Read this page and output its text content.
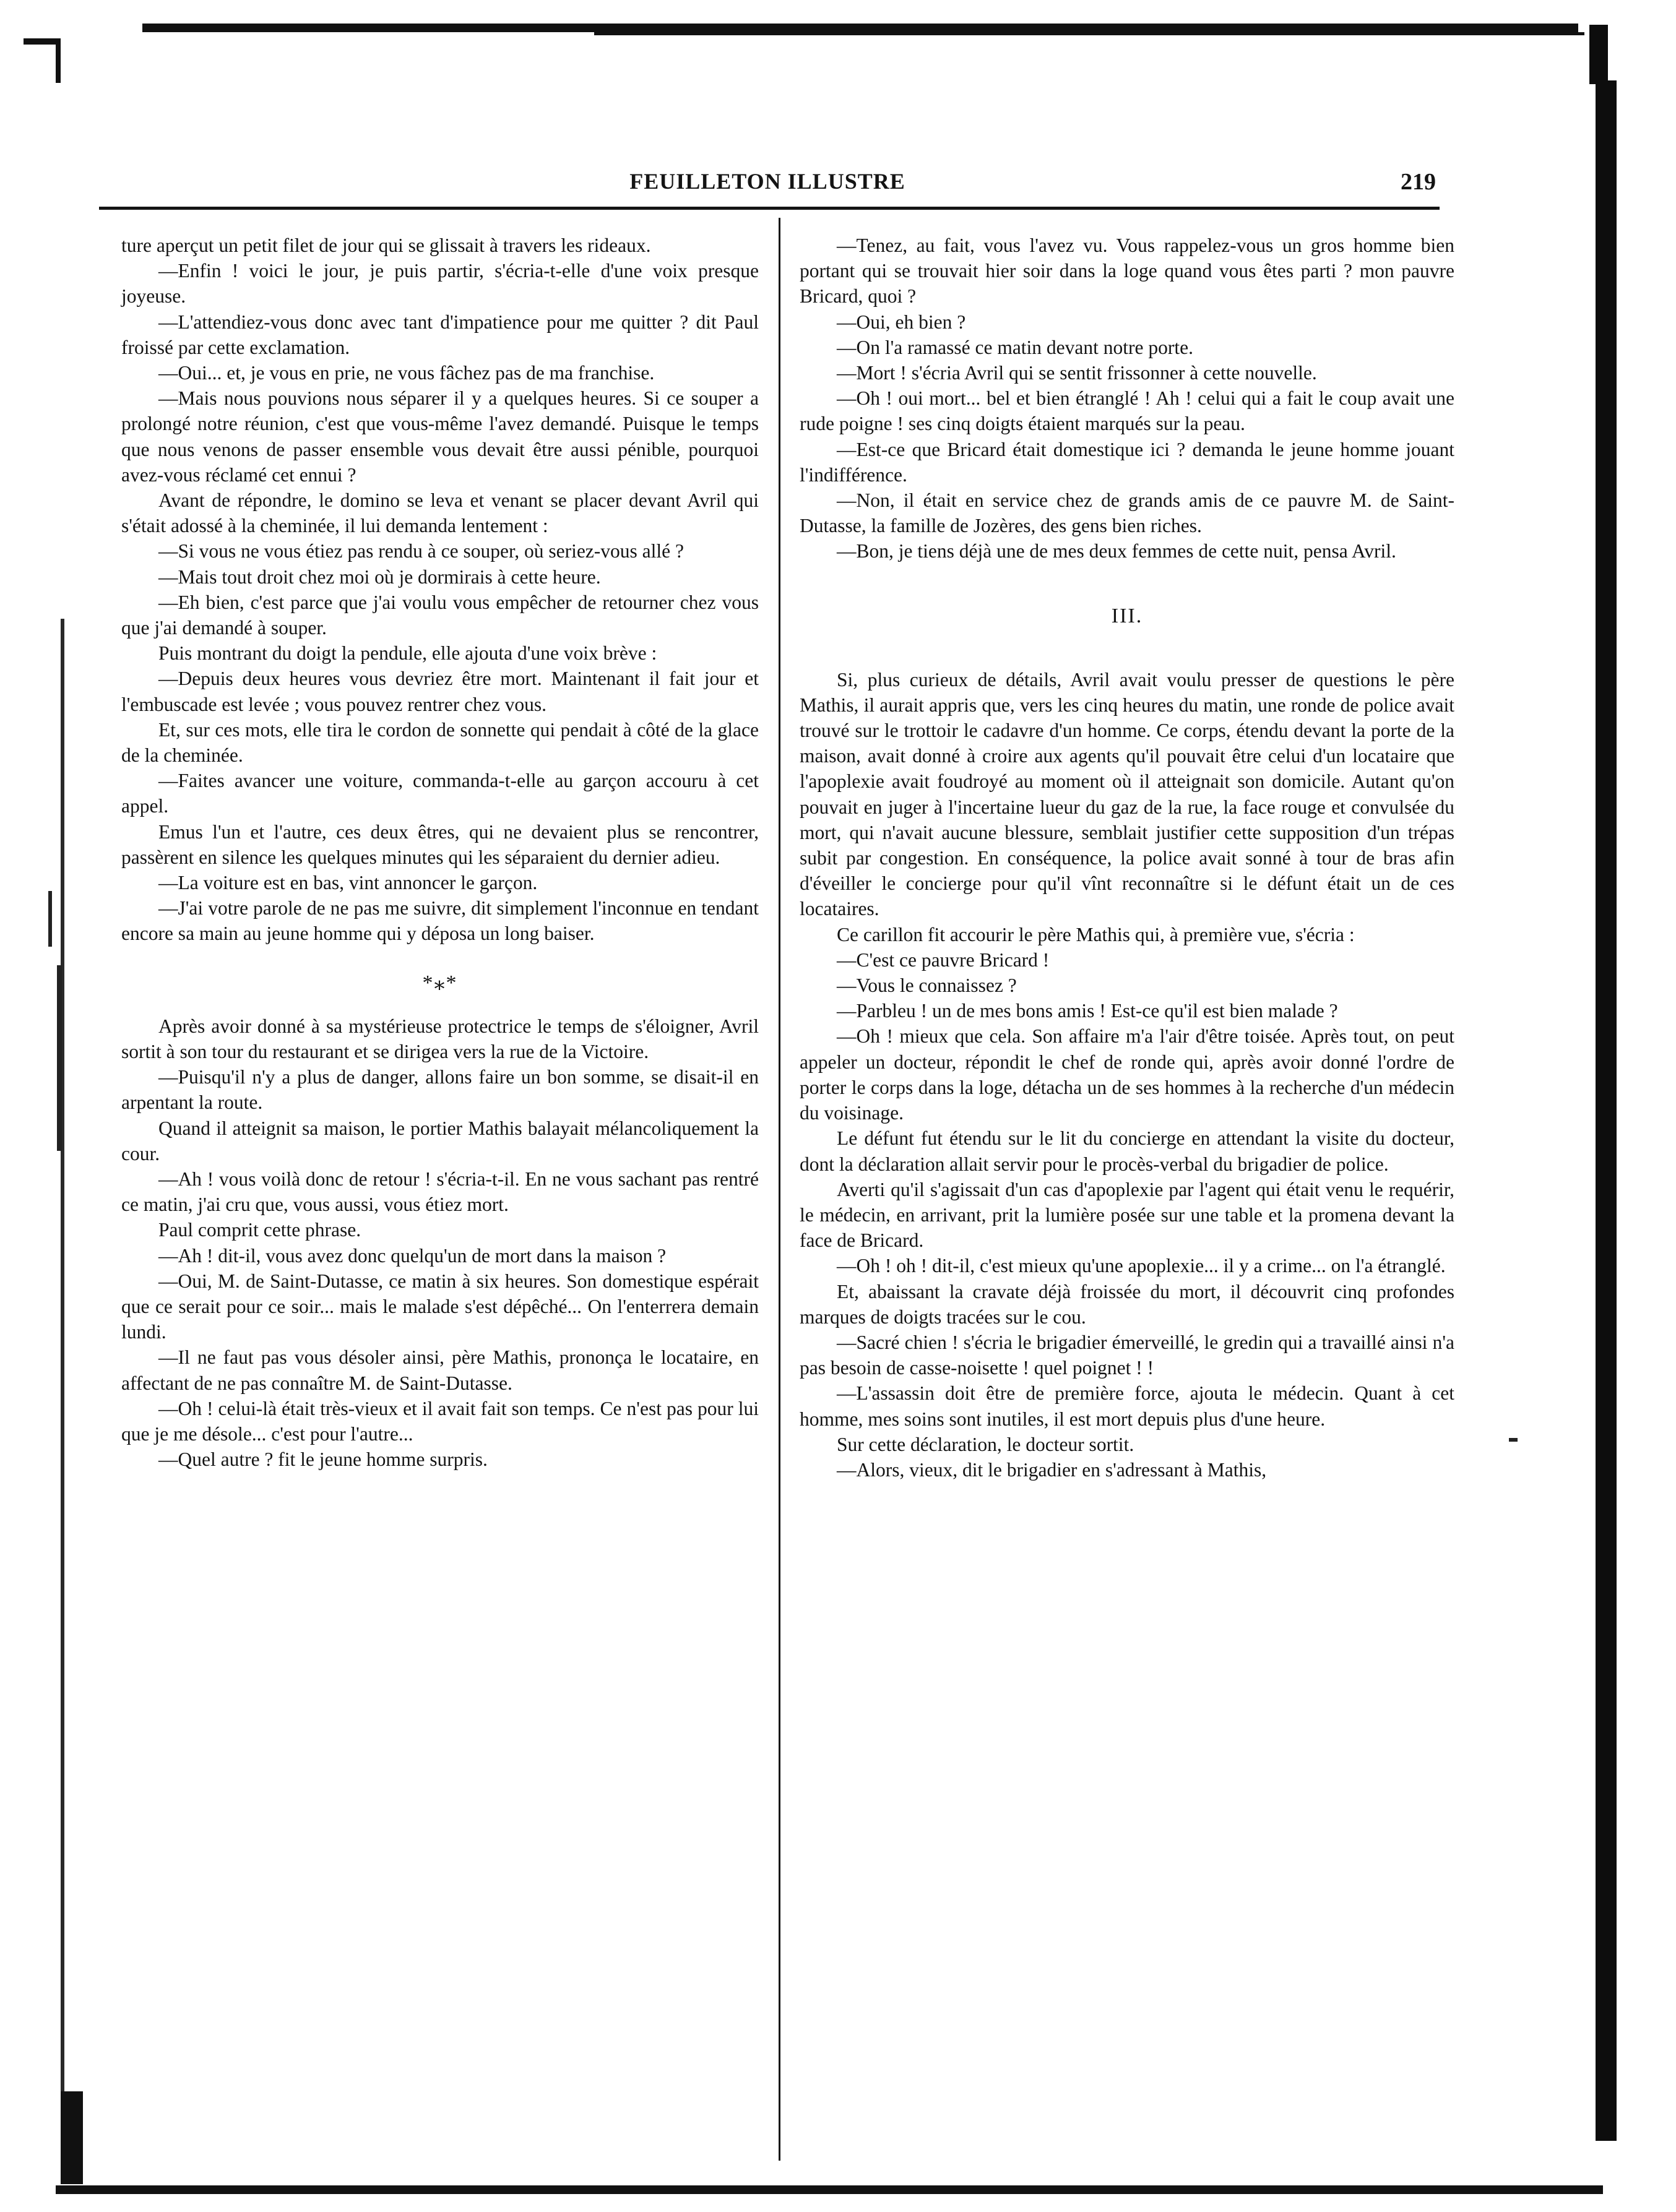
FEUILLETON ILLUSTRE	219

ture aperçut un petit filet de jour qui se glissait à travers les rideaux.

—Enfin ! voici le jour, je puis partir, s'écria-t-elle d'une voix presque joyeuse.

—L'attendiez-vous donc avec tant d'impatience pour me quitter ? dit Paul froissé par cette exclamation.

—Oui... et, je vous en prie, ne vous fâchez pas de ma franchise.

—Mais nous pouvions nous séparer il y a quelques heures. Si ce souper a prolongé notre réunion, c'est que vous-même l'avez demandé. Puisque le temps que nous venons de passer ensemble vous devait être aussi pénible, pourquoi avez-vous réclamé cet ennui ?

Avant de répondre, le domino se leva et venant se placer devant Avril qui s'était adossé à la cheminée, il lui demanda lentement :

—Si vous ne vous étiez pas rendu à ce souper, où seriez-vous allé ?

—Mais tout droit chez moi où je dormirais à cette heure.

—Eh bien, c'est parce que j'ai voulu vous empêcher de retourner chez vous que j'ai demandé à souper.

Puis montrant du doigt la pendule, elle ajouta d'une voix brève :

—Depuis deux heures vous devriez être mort. Maintenant il fait jour et l'embuscade est levée ; vous pouvez rentrer chez vous.

Et, sur ces mots, elle tira le cordon de sonnette qui pendait à côté de la glace de la cheminée.

—Faites avancer une voiture, commanda-t-elle au garçon accouru à cet appel.

Emus l'un et l'autre, ces deux êtres, qui ne devaient plus se rencontrer, passèrent en silence les quelques minutes qui les séparaient du dernier adieu.

—La voiture est en bas, vint annoncer le garçon.

—J'ai votre parole de ne pas me suivre, dit simplement l'inconnue en tendant encore sa main au jeune homme qui y déposa un long baiser.

*⁎*

Après avoir donné à sa mystérieuse protectrice le temps de s'éloigner, Avril sortit à son tour du restaurant et se dirigea vers la rue de la Victoire.

—Puisqu'il n'y a plus de danger, allons faire un bon somme, se disait-il en arpentant la route.

Quand il atteignit sa maison, le portier Mathis balayait mélancoliquement la cour.

—Ah ! vous voilà donc de retour ! s'écria-t-il. En ne vous sachant pas rentré ce matin, j'ai cru que, vous aussi, vous étiez mort.

Paul comprit cette phrase.

—Ah ! dit-il, vous avez donc quelqu'un de mort dans la maison ?

—Oui, M. de Saint-Dutasse, ce matin à six heures. Son domestique espérait que ce serait pour ce soir... mais le malade s'est dépêché... On l'enterrera demain lundi.

—Il ne faut pas vous désoler ainsi, père Mathis, prononça le locataire, en affectant de ne pas connaître M. de Saint-Dutasse.

—Oh ! celui-là était très-vieux et il avait fait son temps. Ce n'est pas pour lui que je me désole... c'est pour l'autre...

—Quel autre ? fit le jeune homme surpris.

—Tenez, au fait, vous l'avez vu. Vous rappelez-vous un gros homme bien portant qui se trouvait hier soir dans la loge quand vous êtes parti ? mon pauvre Bricard, quoi ?

—Oui, eh bien ?

—On l'a ramassé ce matin devant notre porte.

—Mort ! s'écria Avril qui se sentit frissonner à cette nouvelle.

—Oh ! oui mort... bel et bien étranglé ! Ah ! celui qui a fait le coup avait une rude poigne ! ses cinq doigts étaient marqués sur la peau.

—Est-ce que Bricard était domestique ici ? demanda le jeune homme jouant l'indifférence.

—Non, il était en service chez de grands amis de ce pauvre M. de Saint-Dutasse, la famille de Jozères, des gens bien riches.

—Bon, je tiens déjà une de mes deux femmes de cette nuit, pensa Avril.

III.

Si, plus curieux de détails, Avril avait voulu presser de questions le père Mathis, il aurait appris que, vers les cinq heures du matin, une ronde de police avait trouvé sur le trottoir le cadavre d'un homme. Ce corps, étendu devant la porte de la maison, avait donné à croire aux agents qu'il pouvait être celui d'un locataire que l'apoplexie avait foudroyé au moment où il atteignait son domicile. Autant qu'on pouvait en juger à l'incertaine lueur du gaz de la rue, la face rouge et convulsée du mort, qui n'avait aucune blessure, semblait justifier cette supposition d'un trépas subit par congestion. En conséquence, la police avait sonné à tour de bras afin d'éveiller le concierge pour qu'il vînt reconnaître si le défunt était un de ces locataires.

Ce carillon fit accourir le père Mathis qui, à première vue, s'écria :

—C'est ce pauvre Bricard !

—Vous le connaissez ?

—Parbleu ! un de mes bons amis ! Est-ce qu'il est bien malade ?

—Oh ! mieux que cela. Son affaire m'a l'air d'être toisée. Après tout, on peut appeler un docteur, répondit le chef de ronde qui, après avoir donné l'ordre de porter le corps dans la loge, détacha un de ses hommes à la recherche d'un médecin du voisinage.

Le défunt fut étendu sur le lit du concierge en attendant la visite du docteur, dont la déclaration allait servir pour le procès-verbal du brigadier de police.

Averti qu'il s'agissait d'un cas d'apoplexie par l'agent qui était venu le requérir, le médecin, en arrivant, prit la lumière posée sur une table et la promena devant la face de Bricard.

—Oh ! oh ! dit-il, c'est mieux qu'une apoplexie... il y a crime... on l'a étranglé.

Et, abaissant la cravate déjà froissée du mort, il découvrit cinq profondes marques de doigts tracées sur le cou.

—Sacré chien ! s'écria le brigadier émerveillé, le gredin qui a travaillé ainsi n'a pas besoin de casse-noisette ! quel poignet ! !

—L'assassin doit être de première force, ajouta le médecin. Quant à cet homme, mes soins sont inutiles, il est mort depuis plus d'une heure.

Sur cette déclaration, le docteur sortit.

—Alors, vieux, dit le brigadier en s'adressant à Mathis,
